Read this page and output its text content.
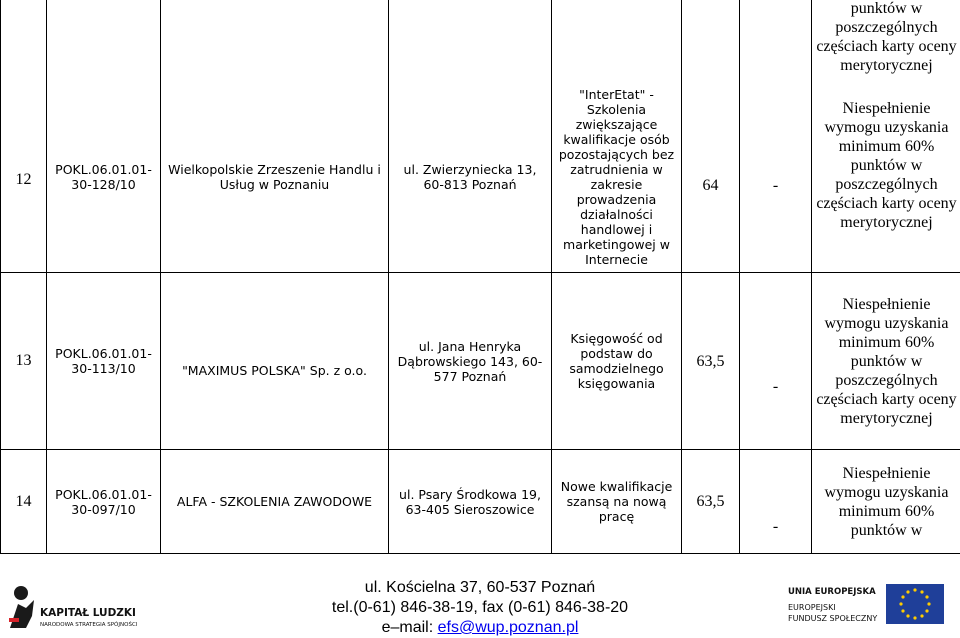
12	POKL.06.01.01-30-128/10	Wielkopolskie Zrzeszenie Handlu i Usług w Poznaniu	ul. Zwierzyniecka 13, 60-813 Poznań	"InterEtat" - Szkolenia zwiększające kwalifikacje osób pozostających bez zatrudnienia w zakresie prowadzenia działalności handlowej i marketingowej w Internecie	64	-	punktów w poszczególnych częściach karty oceny merytorycznej
Niespełnienie wymogu uzyskania minimum 60% punktów w poszczególnych częściach karty oceny merytorycznej

13	POKL.06.01.01-30-113/10	"MAXIMUS POLSKA" Sp. z o.o.	ul. Jana Henryka Dąbrowskiego 143, 60-577 Poznań	Księgowość od podstaw do samodzielnego księgowania	63,5	-	Niespełnienie wymogu uzyskania minimum 60% punktów w poszczególnych częściach karty oceny merytorycznej
14	POKL.06.01.01-30-097/10	ALFA - SZKOLENIA ZAWODOWE	ul. Psary Środkowa 19, 63-405 Sieroszowice	Nowe kwalifikacje szansą na nową pracę	63,5	-	Niespełnienie wymogu uzyskania minimum 60% punktów w
KAPITAŁ LUDZKI
NARODOWA STRATEGIA SPÓJNOŚCI
ul. Kościelna 37, 60-537 Poznań
tel.(0-61) 846-38-19, fax (0-61) 846-38-20
e–mail: efs@wup.poznan.pl
UNIA EUROPEJSKA
EUROPEJSKI
FUNDUSZ SPOŁECZNY
